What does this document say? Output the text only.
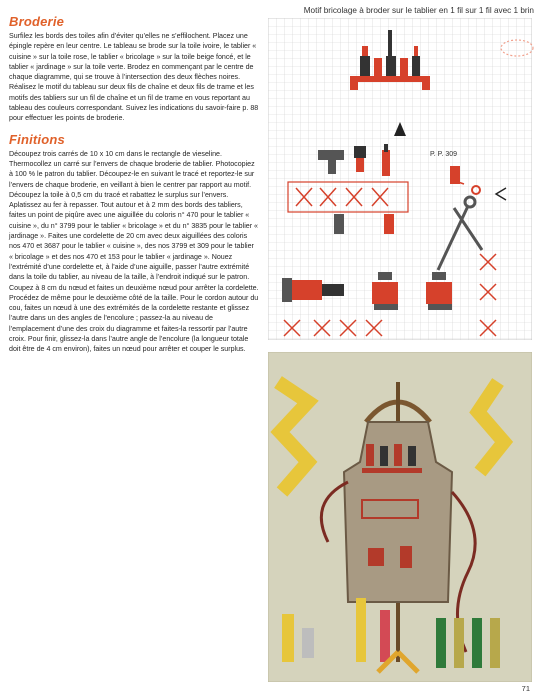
Broderie

Surfilez les bords des toiles afin d’éviter qu’elles ne s’effilochent. Placez une épingle repère en leur centre. Le tableau se brode sur la toile ivoire, le tablier « cuisine » sur la toile rose, le tablier « bricolage » sur la toile beige foncé, et le tablier « jardinage » sur la toile verte. Brodez en commençant par le centre de chaque diagramme, qui se trouve à l’intersection des deux flèches noires. Réalisez le motif du tableau sur deux fils de chaîne et deux fils de trame et les motifs des tabliers sur un fil de chaîne et un fil de trame en vous reportant au tableau des couleurs correspondant. Suivez les indications du savoir-faire p. 88 pour effectuer les points de broderie.

Finitions

Découpez trois carrés de 10 x 10 cm dans le rectangle de vieseline. Thermocollez un carré sur l’envers de chaque broderie de tablier. Photocopiez à 100 % le patron du tablier. Découpez-le en suivant le tracé et reportez-le sur l’envers de chaque broderie, en veillant à bien le centrer par rapport au motif. Découpez la toile à 0,5 cm du tracé et rabattez le surplus sur l’envers. Aplatissez au fer à repasser. Tout autour et à 2 mm des bords des tabliers, faites un point de piqûre avec une aiguillée du coloris n° 470 pour le tablier « cuisine », du n° 3799 pour le tablier « bricolage » et du n° 3835 pour le tablier « jardinage ». Faites une cordelette de 20 cm avec deux aiguillées des coloris nos 470 et 3687 pour le tablier « cuisine », des nos 3799 et 309 pour le tablier « bricolage » et des nos 470 et 153 pour le tablier « jardinage ». Nouez l’extrémité d’une cordelette et, à l’aide d’une aiguille, passer l’autre extrémité dans la toile du tablier, au niveau de la taille, à l’endroit indiqué sur le patron. Coupez à 8 cm du nœud et faites un deuxième nœud pour arrêter la cordelette. Procédez de même pour le deuxième côté de la taille. Pour le cordon autour du cou, faites un nœud à une des extrémités de la cordelette restante et glissez l’autre dans un des angles de l’encolure ; passez-la au niveau de l’emplacement d’une des croix du diagramme et faites-la ressortir par l’autre croix. Pour finir, glissez-la dans l’autre angle de l’encolure (la longueur totale doit être de 4 cm environ), faites un nœud pour arrêter et couper le surplus.

Motif bricolage à broder sur le tablier en 1 fil sur 1 fil avec 1 brin
P. P. 309
71
